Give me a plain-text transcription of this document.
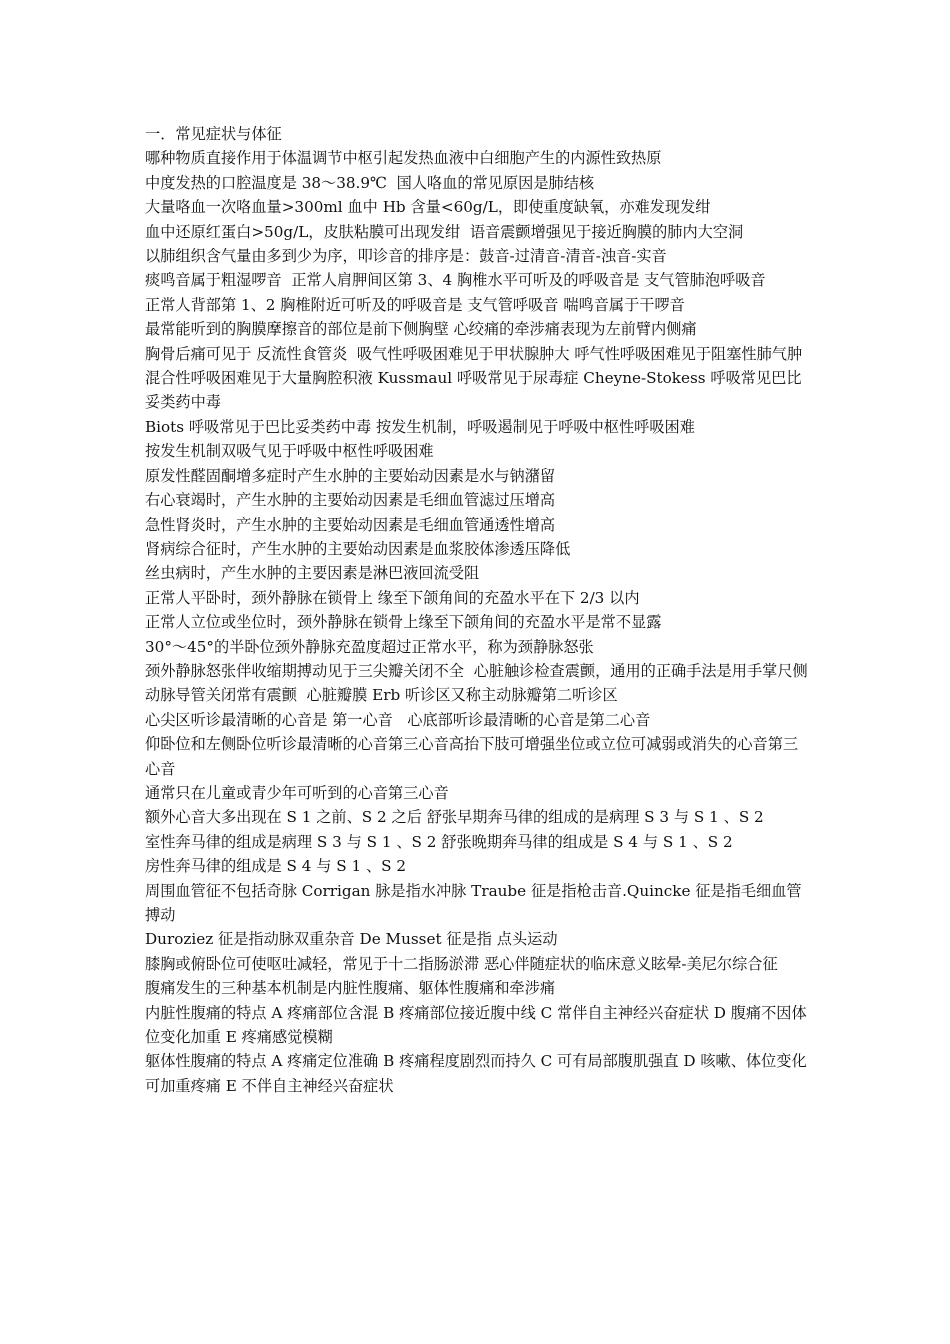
一．常见症状与体征

哪种物质直接作用于体温调节中枢引起发热血液中白细胞产生的内源性致热原

中度发热的口腔温度是 38～38.9℃  国人咯血的常见原因是肺结核

大量咯血一次咯血量>300ml 血中 Hb 含量<60g/L，即使重度缺氧，亦难发现发绀

血中还原红蛋白>50g/L，皮肤粘膜可出现发绀  语音震颤增强见于接近胸膜的肺内大空洞

以肺组织含气量由多到少为序，叩诊音的排序是：鼓音-过清音-清音-浊音-实音

痰鸣音属于粗湿啰音  正常人肩胛间区第 3、4 胸椎水平可听及的呼吸音是 支气管肺泡呼吸音

正常人背部第 1、2 胸椎附近可听及的呼吸音是 支气管呼吸音 喘鸣音属于干啰音

最常能听到的胸膜摩擦音的部位是前下侧胸壁 心绞痛的牵涉痛表现为左前臂内侧痛

胸骨后痛可见于 反流性食管炎  吸气性呼吸困难见于甲状腺肿大 呼气性呼吸困难见于阻塞性肺气肿

混合性呼吸困难见于大量胸腔积液 Kussmaul 呼吸常见于尿毒症 Cheyne-Stokess 呼吸常见巴比妥类药中毒

Biots 呼吸常见于巴比妥类药中毒 按发生机制，呼吸遏制见于呼吸中枢性呼吸困难

按发生机制双吸气见于呼吸中枢性呼吸困难

原发性醛固酮增多症时产生水肿的主要始动因素是水与钠潴留

右心衰竭时，产生水肿的主要始动因素是毛细血管滤过压增高

急性肾炎时，产生水肿的主要始动因素是毛细血管通透性增高

肾病综合征时，产生水肿的主要始动因素是血浆胶体渗透压降低

丝虫病时，产生水肿的主要因素是淋巴液回流受阻

正常人平卧时，颈外静脉在锁骨上 缘至下颌角间的充盈水平在下 2/3 以内

正常人立位或坐位时，颈外静脉在锁骨上缘至下颌角间的充盈水平是常不显露

30°～45°的半卧位颈外静脉充盈度超过正常水平，称为颈静脉怒张

颈外静脉怒张伴收缩期搏动见于三尖瓣关闭不全  心脏触诊检查震颤，通用的正确手法是用手掌尺侧

动脉导管关闭常有震颤  心脏瓣膜 Erb 听诊区又称主动脉瓣第二听诊区

心尖区听诊最清晰的心音是 第一心音   心底部听诊最清晰的心音是第二心音

仰卧位和左侧卧位听诊最清晰的心音第三心音高抬下肢可增强坐位或立位可减弱或消失的心音第三心音

通常只在儿童或青少年可听到的心音第三心音

额外心音大多出现在 S 1 之前、S 2 之后 舒张早期奔马律的组成的是病理 S 3 与 S 1 、S 2

室性奔马律的组成是病理 S 3 与 S 1 、S 2 舒张晚期奔马律的组成是 S 4 与 S 1 、S 2

房性奔马律的组成是 S 4 与 S 1 、S 2

周围血管征不包括奇脉 Corrigan 脉是指水冲脉 Traube 征是指枪击音.Quincke 征是指毛细血管搏动

Duroziez 征是指动脉双重杂音 De Musset 征是指 点头运动

膝胸或俯卧位可使呕吐减轻，常见于十二指肠淤滞 恶心伴随症状的临床意义眩晕-美尼尔综合征

腹痛发生的三种基本机制是内脏性腹痛、躯体性腹痛和牵涉痛

内脏性腹痛的特点 A 疼痛部位含混 B 疼痛部位接近腹中线 C 常伴自主神经兴奋症状 D 腹痛不因体位变化加重 E 疼痛感觉模糊

躯体性腹痛的特点 A 疼痛定位准确 B 疼痛程度剧烈而持久 C 可有局部腹肌强直 D 咳嗽、体位变化可加重疼痛 E 不伴自主神经兴奋症状
